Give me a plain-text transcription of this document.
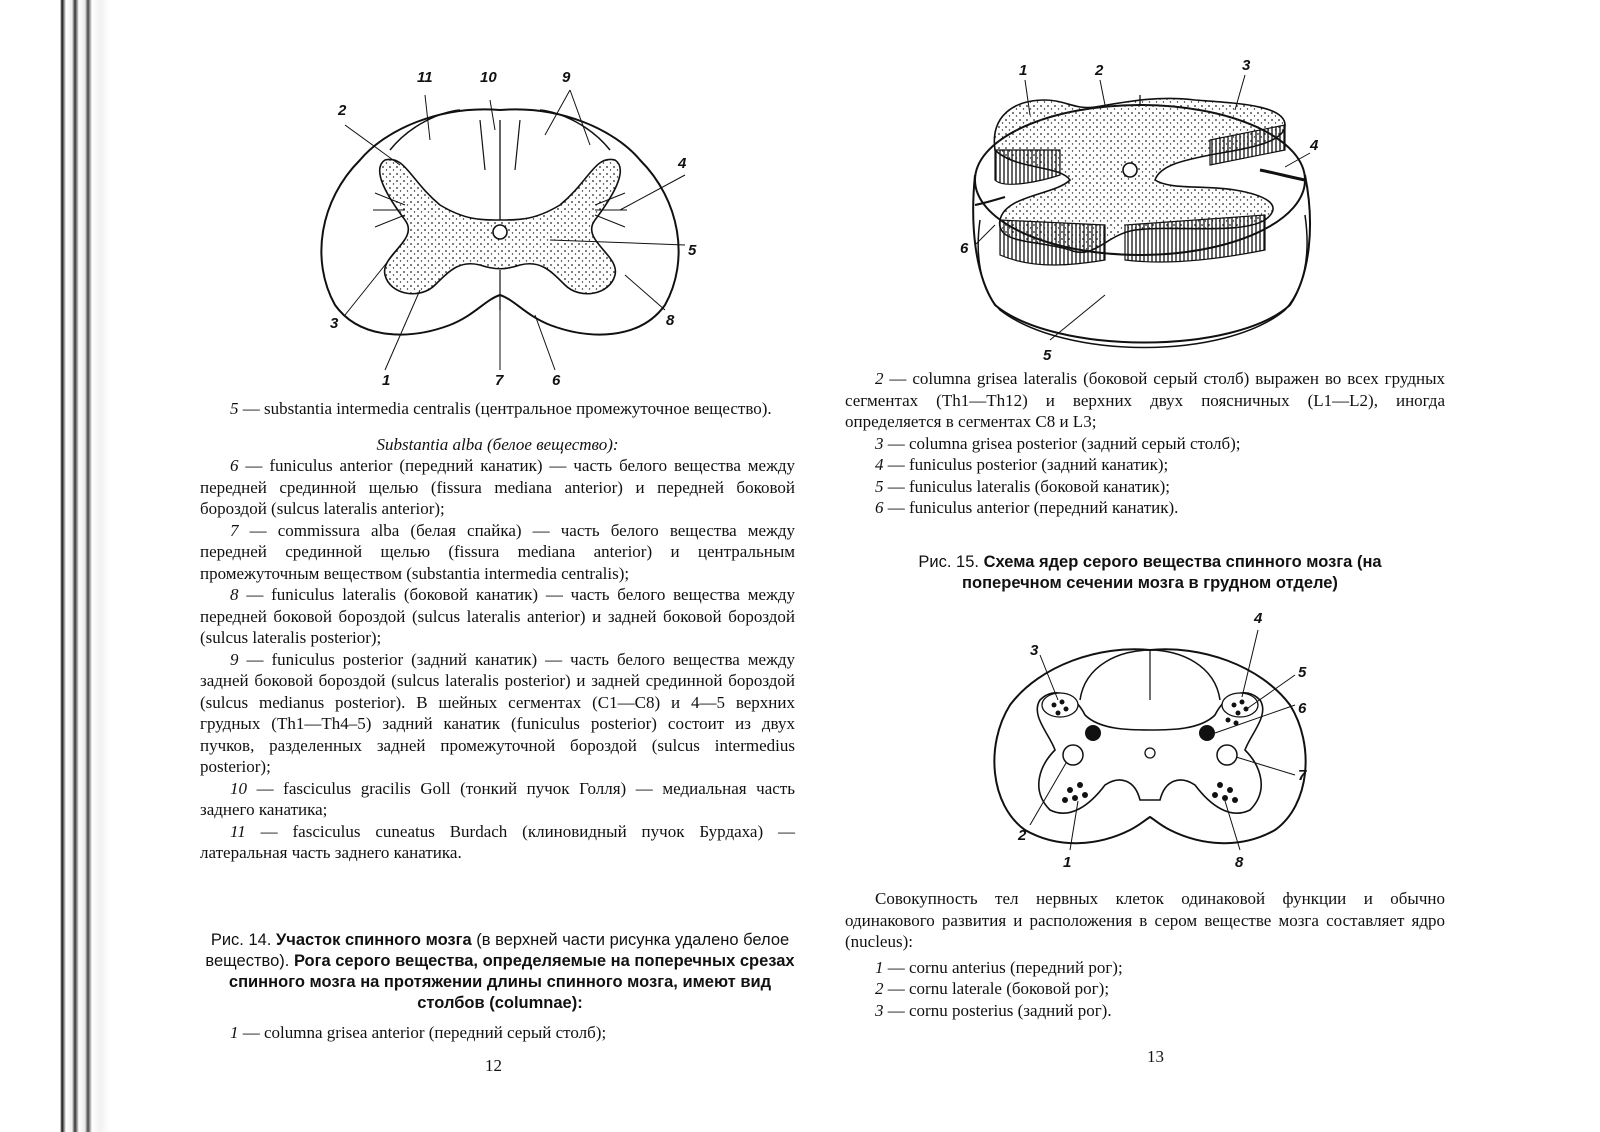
1
2
3
4
5
6
7
8
9
10
11

5 — substantia intermedia centralis (центральное промежуточное вещество).

Substantia alba (белое вещество):

6 — funiculus anterior (передний канатик) — часть белого вещества между передней срединной щелью (fissura mediana anterior) и передней боковой бороздой (sulcus lateralis anterior);

7 — commissura alba (белая спайка) — часть белого вещества между передней срединной щелью (fissura mediana anterior) и центральным промежуточным веществом (substantia intermedia centralis);

8 — funiculus lateralis (боковой канатик) — часть белого вещества между передней боковой бороздой (sulcus lateralis anterior) и задней боковой бороздой (sulcus lateralis posterior);

9 — funiculus posterior (задний канатик) — часть белого вещества между задней боковой бороздой (sulcus lateralis posterior) и задней срединной бороздой (sulcus medianus posterior). В шейных сегментах (C1—C8) и 4—5 верхних грудных (Th1—Th4–5) задний канатик (funiculus posterior) состоит из двух пучков, разделенных задней промежуточной бороздой (sulcus intermedius posterior);

10 — fasciculus gracilis Goll (тонкий пучок Голля) — медиальная часть заднего канатика;

11 — fasciculus cuneatus Burdach (клиновидный пучок Бурдаха) — латеральная часть заднего канатика.

Рис. 14. Участок спинного мозга (в верхней части рисунка удалено белое вещество). Рога серого вещества, определяемые на поперечных срезах спинного мозга на протяжении длины спинного мозга, имеют вид столбов (columnae):

1 — columna grisea anterior (передний серый столб);

12
1	2	3
4
5
6

2 — columna grisea lateralis (боковой серый столб) выражен во всех грудных сегментах (Th1—Th12) и верхних двух поясничных (L1—L2), иногда определяется в сегментах C8 и L3;

3 — columna grisea posterior (задний серый столб);

4 — funiculus posterior (задний канатик);

5 — funiculus lateralis (боковой канатик);

6 — funiculus anterior (передний канатик).

Рис. 15. Схема ядер серого вещества спинного мозга (на поперечном сечении мозга в грудном отделе)
1
2
3
4
5
6
7
8

Совокупность тел нервных клеток одинаковой функции и обычно одинакового развития и расположения в сером веществе мозга составляет ядро (nucleus):

1 — cornu anterius (передний рог);

2 — cornu laterale (боковой рог);

3 — cornu posterius (задний рог).

13
